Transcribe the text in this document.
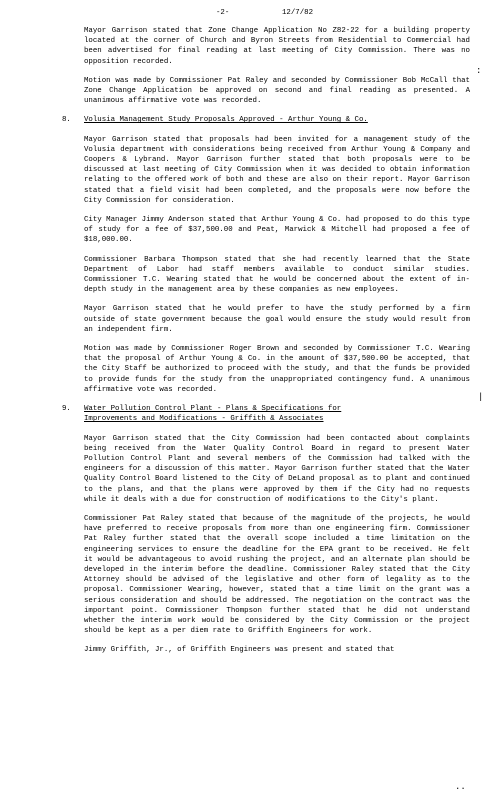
-2-	12/7/82

Mayor Garrison stated that Zone Change Application No Z82-22 for a building property located at the corner of Church and Byron Streets from Residential to Commercial had been advertised for final reading at last meeting of City Commission. There was no opposition recorded.

Motion was made by Commissioner Pat Raley and seconded by Commissioner Bob McCall that Zone Change Application be approved on second and final reading as presented. A unanimous affirmative vote was recorded.

8. Volusia Management Study Proposals Approved - Arthur Young & Co.

Mayor Garrison stated that proposals had been invited for a management study of the Volusia department with considerations being received from Arthur Young & Company and Coopers & Lybrand. Mayor Garrison further stated that both proposals were to be discussed at last meeting of City Commission when it was decided to obtain information relating to the offered work of both and these are also on their report. Mayor Garrison stated that a field visit had been completed, and the proposals were now before the City Commission for consideration.

City Manager Jimmy Anderson stated that Arthur Young & Co. had proposed to do this type of study for a fee of $37,500.00 and Peat, Marwick & Mitchell had proposed a fee of $18,000.00.

Commissioner Barbara Thompson stated that she had recently learned that the State Department of Labor had staff members available to conduct similar studies. Commissioner T.C. Wearing stated that he would be concerned about the extent of in-depth study in the management area by these companies as new employees.

Mayor Garrison stated that he would prefer to have the study performed by a firm outside of state government because the goal would ensure the study would result from an independent firm.

Motion was made by Commissioner Roger Brown and seconded by Commissioner T.C. Wearing that the proposal of Arthur Young & Co. in the amount of $37,500.00 be accepted, that the City Staff be authorized to proceed with the study, and that the funds be provided to provide funds for the study from the unappropriated contingency fund. A unanimous affirmative vote was recorded.

9. Water Pollution Control Plant - Plans & Specifications for
Improvements and Modifications - Griffith & Associates

Mayor Garrison stated that the City Commission had been contacted about complaints being received from the Water Quality Control Board in regard to present Water Pollution Control Plant and several members of the Commission had talked with the engineers for a discussion of this matter. Mayor Garrison further stated that the Water Quality Control Board listened to the City of DeLand proposal as to plant and continued to the plans, and that the plans were approved by them if the City had no requests while it deals with a due for construction of modifications to the City's plant.

Commissioner Pat Raley stated that because of the magnitude of the projects, he would have preferred to receive proposals from more than one engineering firm. Commissioner Pat Raley further stated that the overall scope included a time limitation on the engineering services to ensure the deadline for the EPA grant to be received. He felt it would be advantageous to avoid rushing the project, and an alternate plan should be developed in the interim before the deadline. Commissioner Raley stated that the City Attorney should be advised of the legislative and other form of legality as to the proposal. Commissioner Wearing, however, stated that a time limit on the grant was a serious consideration and should be addressed. The negotiation on the contract was the important point. Commissioner Thompson further stated that he did not understand whether the interim work would be considered by the City Commission or the project should be kept as a per diem rate to Griffith Engineers for work.

Jimmy Griffith, Jr., of Griffith Engineers was present and stated that

:
|
..
